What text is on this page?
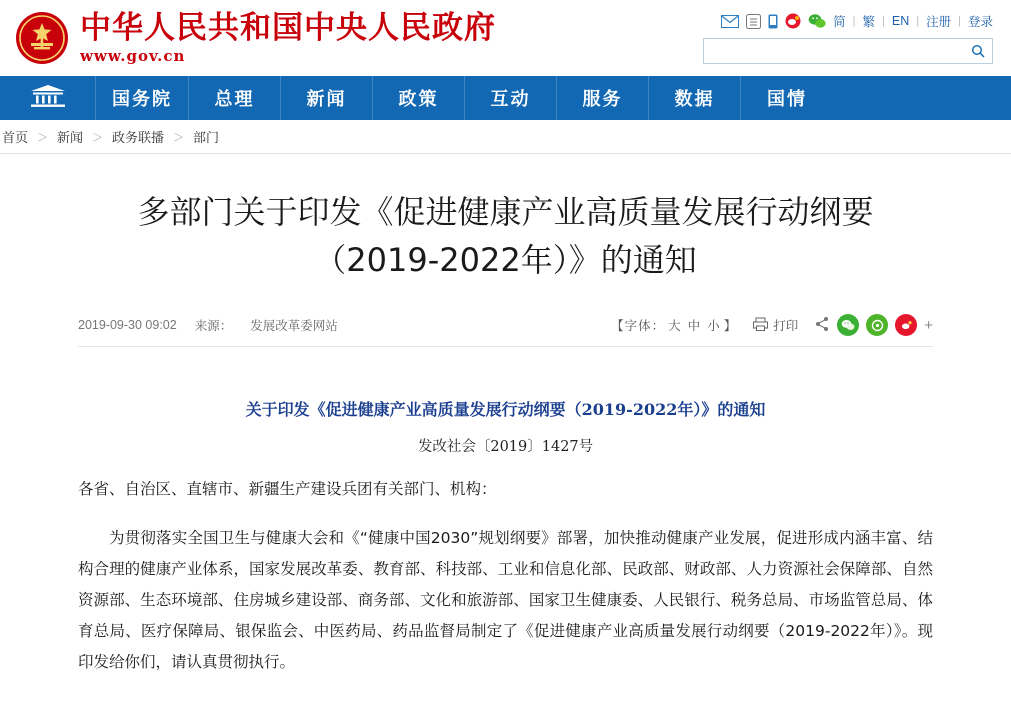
中华人民共和国中央人民政府
www.gov.cn
简 | 繁 | EN | 注册 | 登录
国务院	总理	新闻	政策	互动	服务	数据	国情
首页 ＞ 新闻 ＞ 政务联播 ＞ 部门
多部门关于印发《促进健康产业高质量发展行动纲要（2019-2022年）》的通知
2019-09-30 09:02 来源： 发展改革委网站	【字体： 大 中 小 】	打印	+
关于印发《促进健康产业高质量发展行动纲要（2019-2022年）》的通知
发改社会〔2019〕1427号

各省、自治区、直辖市、新疆生产建设兵团有关部门、机构：

为贯彻落实全国卫生与健康大会和《“健康中国2030”规划纲要》部署，加快推动健康产业发展，促进形成内涵丰富、结构合理的健康产业体系，国家发展改革委、教育部、科技部、工业和信息化部、民政部、财政部、人力资源社会保障部、自然资源部、生态环境部、住房城乡建设部、商务部、文化和旅游部、国家卫生健康委、人民银行、税务总局、市场监管总局、体育总局、医疗保障局、银保监会、中医药局、药品监督局制定了《促进健康产业高质量发展行动纲要（2019-2022年）》。现印发给你们，请认真贯彻执行。
